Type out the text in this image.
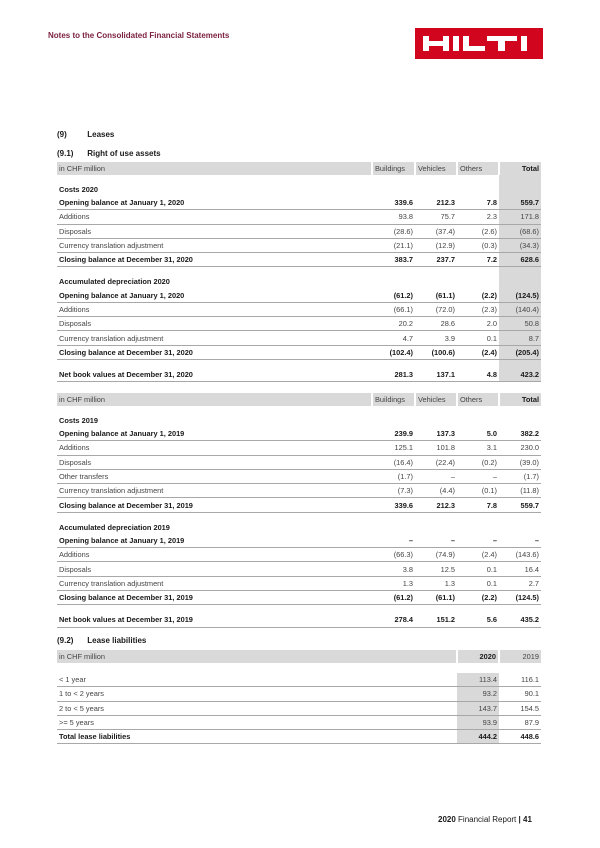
Notes to the Consolidated Financial Statements
(9)	Leases
(9.1) Right of use assets
in CHF million	Buildings	Vehicles	Others	Total

Costs 2020				
Opening balance at January 1, 2020	339.6	212.3	7.8	559.7
Additions	93.8	75.7	2.3	171.8
Disposals	(28.6)	(37.4)	(2.6)	(68.6)
Currency translation adjustment	(21.1)	(12.9)	(0.3)	(34.3)
Closing balance at December 31, 2020	383.7	237.7	7.2	628.6

Accumulated depreciation 2020				
Opening balance at January 1, 2020	(61.2)	(61.1)	(2.2)	(124.5)
Additions	(66.1)	(72.0)	(2.3)	(140.4)
Disposals	20.2	28.6	2.0	50.8
Currency translation adjustment	4.7	3.9	0.1	8.7
Closing balance at December 31, 2020	(102.4)	(100.6)	(2.4)	(205.4)

Net book values at December 31, 2020	281.3	137.1	4.8	423.2
in CHF million	Buildings	Vehicles	Others	Total

Costs 2019				
Opening balance at January 1, 2019	239.9	137.3	5.0	382.2
Additions	125.1	101.8	3.1	230.0
Disposals	(16.4)	(22.4)	(0.2)	(39.0)
Other transfers	(1.7)	–	–	(1.7)
Currency translation adjustment	(7.3)	(4.4)	(0.1)	(11.8)
Closing balance at December 31, 2019	339.6	212.3	7.8	559.7

Accumulated depreciation 2019				
Opening balance at January 1, 2019	–	–	–	–
Additions	(66.3)	(74.9)	(2.4)	(143.6)
Disposals	3.8	12.5	0.1	16.4
Currency translation adjustment	1.3	1.3	0.1	2.7
Closing balance at December 31, 2019	(61.2)	(61.1)	(2.2)	(124.5)

Net book values at December 31, 2019	278.4	151.2	5.6	435.2
(9.2) Lease liabilities
in CHF million	2020	2019

< 1 year	113.4	116.1
1 to < 2 years	93.2	90.1
2 to < 5 years	143.7	154.5
>= 5 years	93.9	87.9
Total lease liabilities	444.2	448.6
2020 Financial Report | 41
